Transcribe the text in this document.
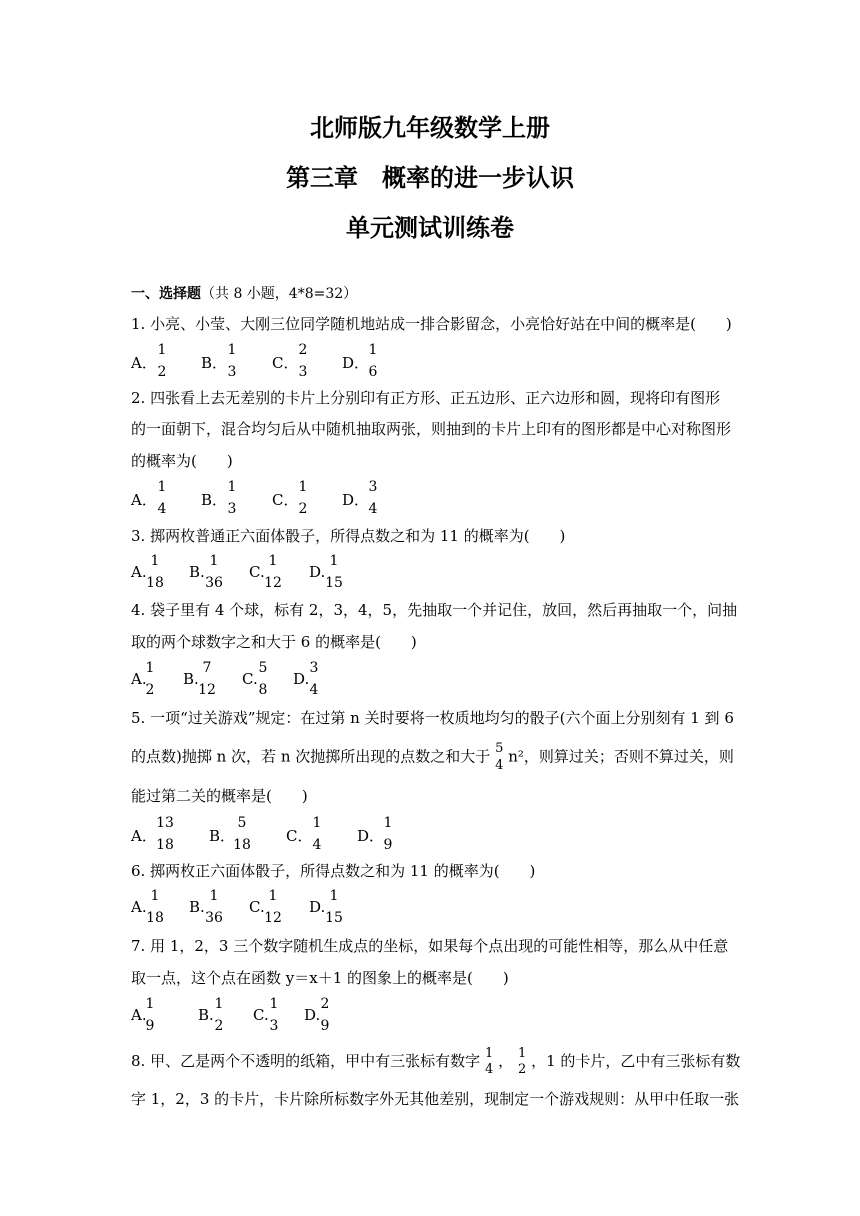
北师版九年级数学上册
第三章　概率的进一步认识
单元测试训练卷
一、选择题（共 8 小题，4*8=32）
1. 小亮、小莹、大刚三位同学随机地站成一排合影留念，小亮恰好站在中间的概率是(　　)
A．
1
2	B．
1
3	C．
2
3	D．
1
6
2. 四张看上去无差别的卡片上分别印有正方形、正五边形、正六边形和圆，现将印有图形
的一面朝下，混合均匀后从中随机抽取两张，则抽到的卡片上印有的图形都是中心对称图形
的概率为(　　)
A．
1
4	B．
1
3	C．
1
2	D．
3
4
3. 掷两枚普通正六面体骰子，所得点数之和为 11 的概率为(　　)
A.
1
18
B.
1
36
C.
1
12
D.
1
15
4. 袋子里有 4 个球，标有 2，3，4，5，先抽取一个并记住，放回，然后再抽取一个，问抽
取的两个球数字之和大于 6 的概率是(　　)
A.
1
2
B.
7
12
C.
5
8
D.
3
4
5. 一项“过关游戏”规定：在过第 n 关时要将一枚质地均匀的骰子(六个面上分别刻有 1 到 6
的点数)抛掷 n 次，若 n 次抛掷所出现的点数之和大于 5
4 n²，则算过关；否则不算过关，则
能过第二关的概率是(　　)
A．
13
18 B．
5
18 C．
1
4	D．
1
9
6. 掷两枚正六面体骰子，所得点数之和为 11 的概率为(　　)
A.
1
18
B.
1
36
C.
1
12
D.
1
15
7. 用 1，2，3 三个数字随机生成点的坐标，如果每个点出现的可能性相等，那么从中任意
取一点，这个点在函数 y＝x＋1 的图象上的概率是(　　)
A.
1
9
B.
1
2
C.
1
3
D.
2
9
8. 甲、乙是两个不透明的纸箱，甲中有三张标有数字 1
4 ， 1
2 ，1 的卡片，乙中有三张标有数
字 1，2，3 的卡片，卡片除所标数字外无其他差别，现制定一个游戏规则：从甲中任取一张
